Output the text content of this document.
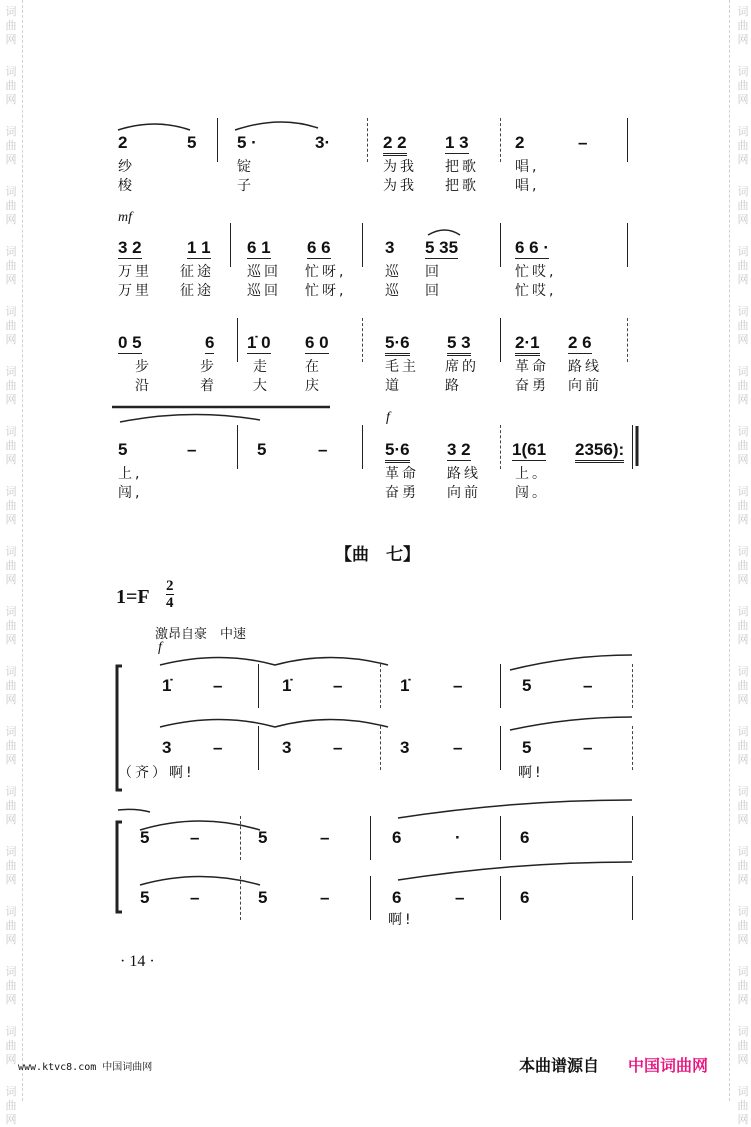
词曲网
词曲网
词曲网
词曲网
词曲网
词曲网
词曲网
词曲网
词曲网
词曲网
词曲网
词曲网
词曲网
词曲网
词曲网
词曲网
词曲网
词曲网
词曲网
词曲网
词曲网
词曲网
词曲网
词曲网
词曲网
词曲网
词曲网
词曲网
词曲网
词曲网
词曲网
词曲网
词曲网
词曲网
词曲网
词曲网
词曲网
词曲网
mf
f
【曲　七】
1=F 2
4
激昂自豪　中速
f
· 14 ·
www.ktvc8.com 中国词曲网	本曲谱源自 中国词曲网
2	5 5 ·	3·	2 2 1 3	2	–
纱	锭	为我 把歌	唱,
梭	子	为我 把歌	唱,
3 2	1 1 6 1 6 6	3 5 35	6 6 ·
万里 征途 巡回 忙呀,	巡 回	忙哎,
万里 征途 巡回 忙呀,	巡 回	忙哎,
0 5	6 1̇ 0 6 0	5·6 5 3	2·1 2 6
步	步	走	在	毛主 席的	革命 路线
沿	着	大	庆	道	路	奋勇 向前
5	–	5	–	5·6 3 2 1(61 2356):
上,	革命 路线 上。
闯,	奋勇 向前 闯。
1̇ –	1̇ –	1̇	–	5	–
3 –	3 –	3	–	5	–
（齐）啊!	啊!
5 –	5	–	6	·	6
5 –	5	–	6	–	6
啊!
